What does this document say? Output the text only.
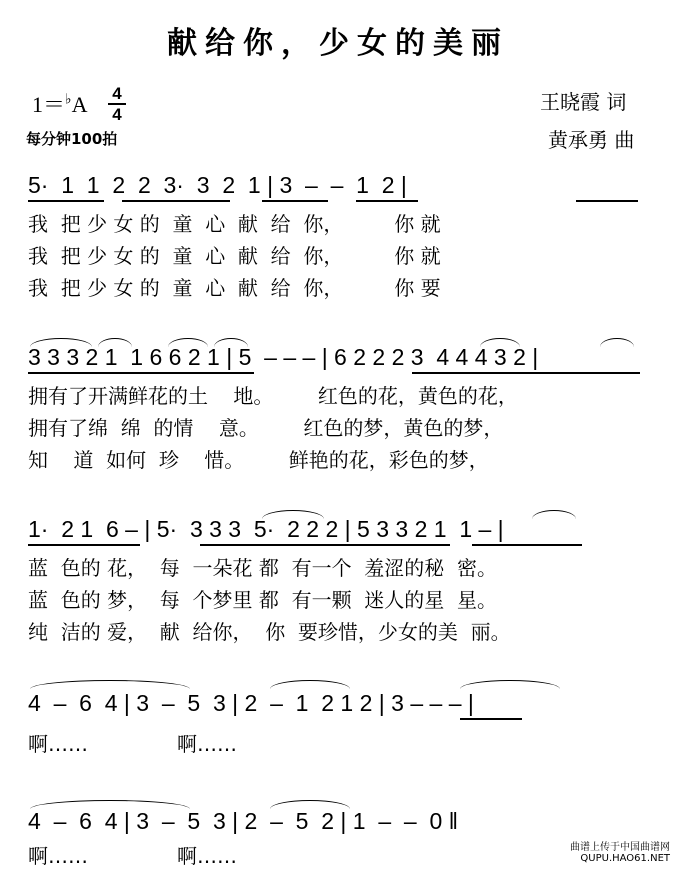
献给你，少女的美丽
1＝♭A 4
4
每分钟100拍
王晓霞 词
黄承勇 曲
5·  1  1  2  2  3·  3  2  1 | 3  –  –  1  2 |
我  把 少 女 的  童  心  献  给  你，        你 就
我  把 少 女 的  童  心  献  给  你，        你 就
我  把 少 女 的  童  心  献  给  你，        你 要
3 3 3 2 1  1 6 6 2 1 | 5  – – – | 6 2 2 2 3  4 4 4 3 2 |
拥有了开满鲜花的土    地。       红色的花，黄色的花，
拥有了绵  绵  的情    意。       红色的梦，黄色的梦，
知    道  如何  珍    惜。       鲜艳的花，彩色的梦，
1·  2 1  6 – | 5·  3 3 3  5·  2 2 2 | 5 3 3 2 1  1 – |
蓝  色的 花，  每  一朵花 都  有一个  羞涩的秘  密。
蓝  色的 梦，  每  个梦里 都  有一颗  迷人的星  星。
纯  洁的 爱，  献  给你，  你  要珍惜，少女的美  丽。
4  –  6  4 | 3  –  5  3 | 2  –  1  2 1 2 | 3 – – – |
啊……              啊……
4  –  6  4 | 3  –  5  3 | 2  –  5  2 | 1  –  –  0 ‖
啊……              啊……	曲谱上传于中国曲谱网
QUPU.HAO61.NET
